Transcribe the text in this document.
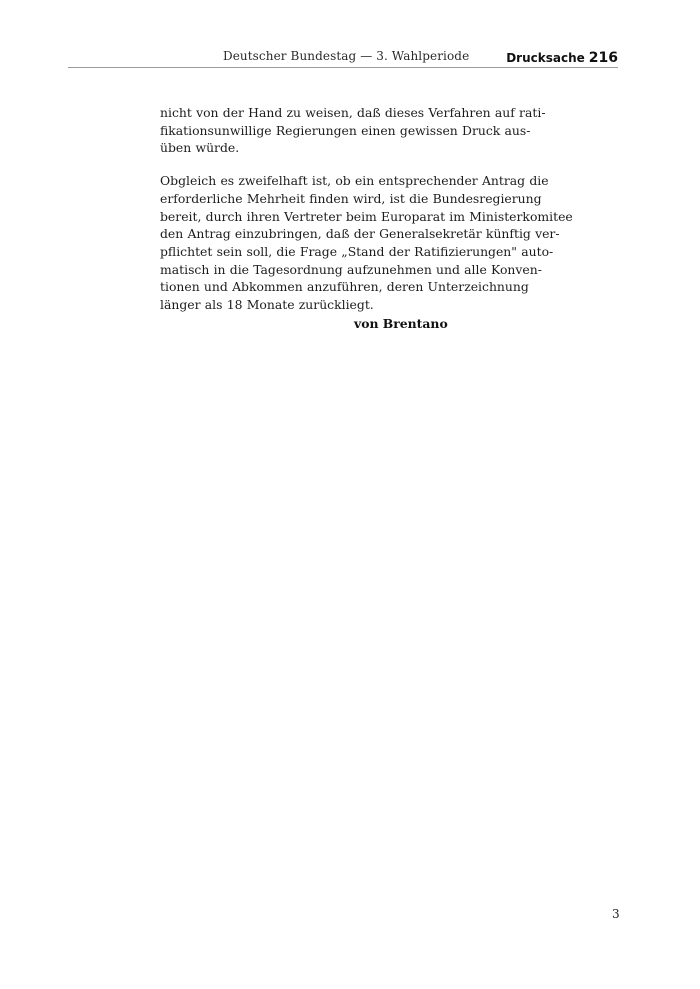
Deutscher Bundestag — 3. Wahlperiode	Drucksache 216

nicht von der Hand zu weisen, daß dieses Verfahren auf rati-
fikationsunwillige Regierungen einen gewissen Druck aus-
üben würde.

Obgleich es zweifelhaft ist, ob ein entsprechender Antrag die
erforderliche Mehrheit finden wird, ist die Bundesregierung
bereit, durch ihren Vertreter beim Europarat im Ministerkomitee
den Antrag einzubringen, daß der Generalsekretär künftig ver-
pflichtet sein soll, die Frage „Stand der Ratifizierungen" auto-
matisch in die Tagesordnung aufzunehmen und alle Konven-
tionen und Abkommen anzuführen, deren Unterzeichnung
länger als 18 Monate zurückliegt.

von Brentano
3
